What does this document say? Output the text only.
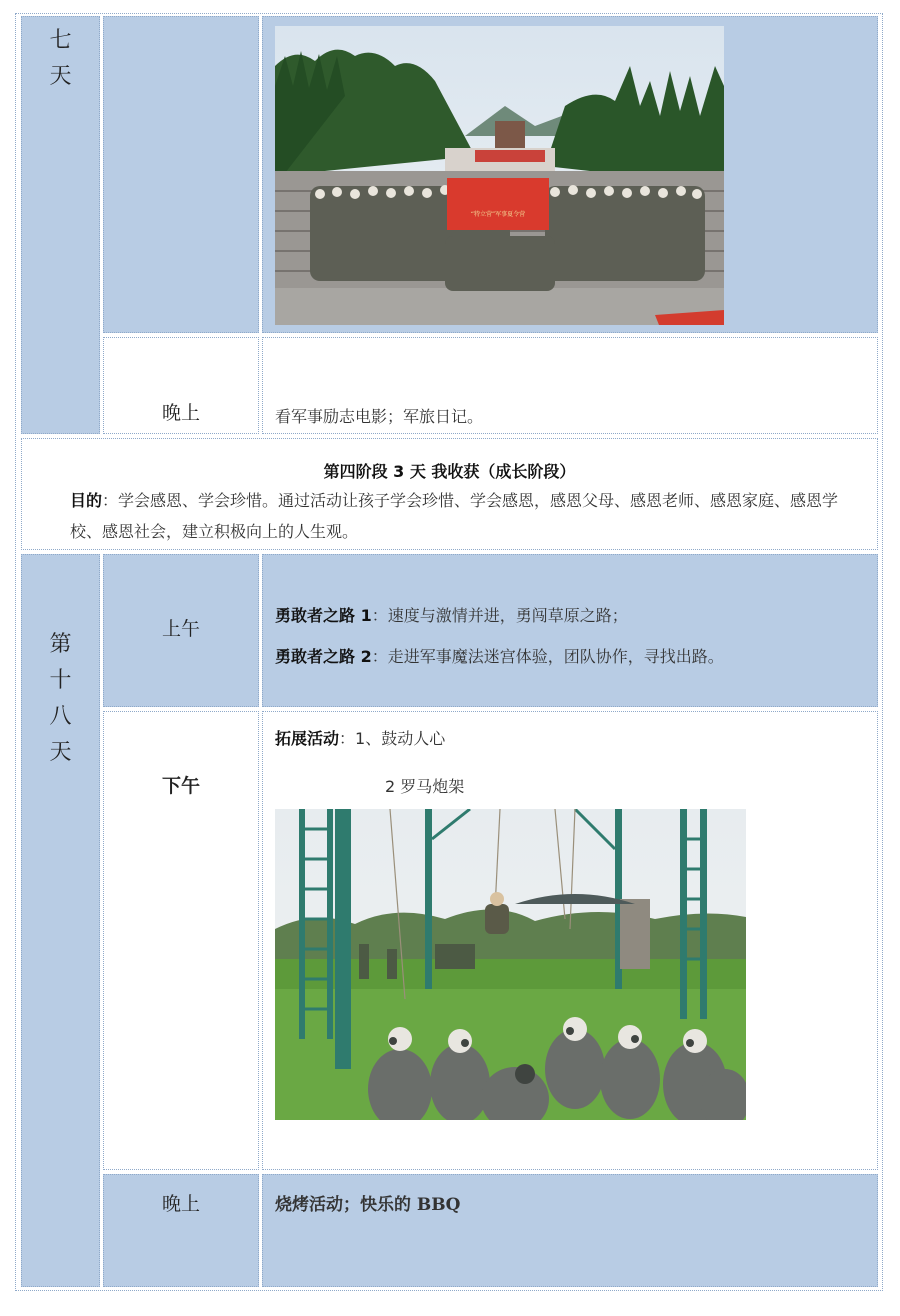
七
天
“特立营”军事夏令营
晚上	看军事励志电影；军旅日记。
第四阶段 3 天 我收获（成长阶段）
目的：学会感恩、学会珍惜。通过活动让孩子学会珍惜、学会感恩，感恩父母、感恩老师、感恩家庭、感恩学校、感恩社会，建立积极向上的人生观。
第
十
八
天
上午
勇敢者之路 1：速度与激情并进，勇闯草原之路；
勇敢者之路 2：走进军事魔法迷宫体验，团队协作，寻找出路。
下午
拓展活动：1、鼓动人心
2 罗马炮架
晚上	烧烤活动；快乐的 BBQ
